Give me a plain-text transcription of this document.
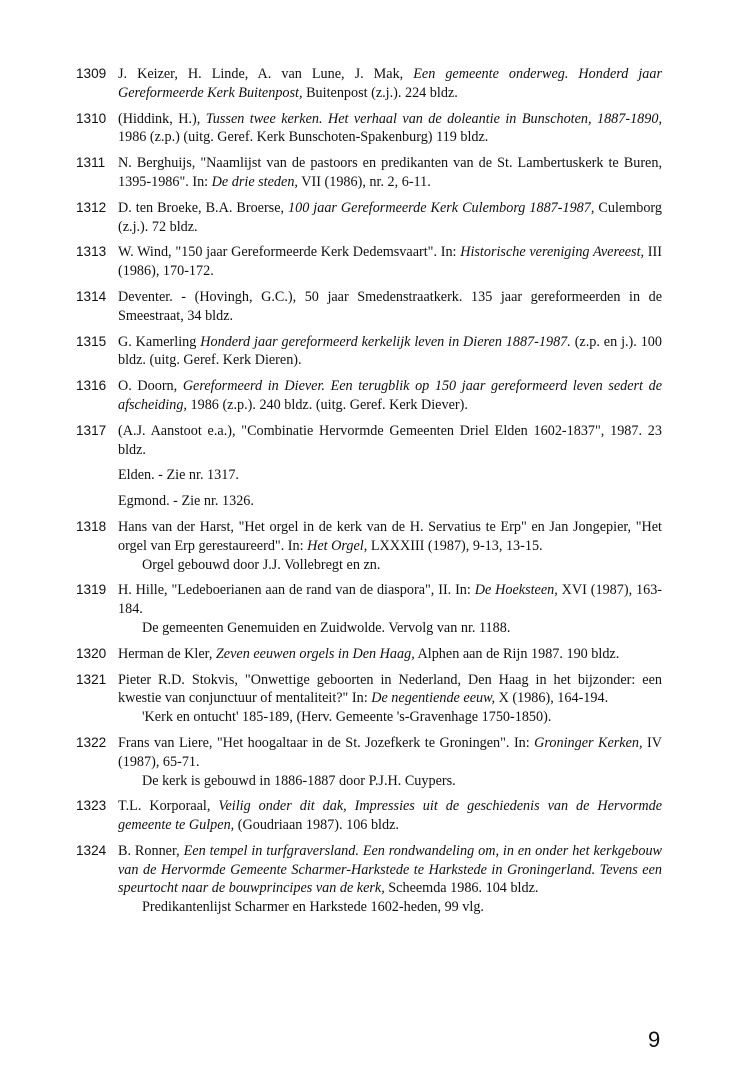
1309 J. Keizer, H. Linde, A. van Lune, J. Mak, Een gemeente onderweg. Honderd jaar Gereformeerde Kerk Buitenpost, Buitenpost (z.j.). 224 bldz.
1310 (Hiddink, H.), Tussen twee kerken. Het verhaal van de doleantie in Bunschoten, 1887-1890, 1986 (z.p.) (uitg. Geref. Kerk Bunschoten-Spakenburg) 119 bldz.
1311 N. Berghuijs, "Naamlijst van de pastoors en predikanten van de St. Lambertuskerk te Buren, 1395-1986". In: De drie steden, VII (1986), nr. 2, 6-11.
1312 D. ten Broeke, B.A. Broerse, 100 jaar Gereformeerde Kerk Culemborg 1887-1987, Culemborg (z.j.). 72 bldz.
1313 W. Wind, "150 jaar Gereformeerde Kerk Dedemsvaart". In: Historische vereniging Avereest, III (1986), 170-172.
1314 Deventer. - (Hovingh, G.C.), 50 jaar Smedenstraatkerk. 135 jaar gereformeerden in de Smeestraat, 34 bldz.
1315 G. Kamerling Honderd jaar gereformeerd kerkelijk leven in Dieren 1887-1987. (z.p. en j.). 100 bldz. (uitg. Geref. Kerk Dieren).
1316 O. Doorn, Gereformeerd in Diever. Een terugblik op 150 jaar gereformeerd leven sedert de afscheiding, 1986 (z.p.). 240 bldz. (uitg. Geref. Kerk Diever).
1317 (A.J. Aanstoot e.a.), "Combinatie Hervormde Gemeenten Driel Elden 1602-1837", 1987. 23 bldz.
Elden. - Zie nr. 1317.
Egmond. - Zie nr. 1326.
1318 Hans van der Harst, "Het orgel in de kerk van de H. Servatius te Erp" en Jan Jongepier, "Het orgel van Erp gerestaureerd". In: Het Orgel, LXXXIII (1987), 9-13, 13-15.
Orgel gebouwd door J.J. Vollebregt en zn.
1319 H. Hille, "Ledeboerianen aan de rand van de diaspora", II. In: De Hoeksteen, XVI (1987), 163-184.
De gemeenten Genemuiden en Zuidwolde. Vervolg van nr. 1188.
1320 Herman de Kler, Zeven eeuwen orgels in Den Haag, Alphen aan de Rijn 1987. 190 bldz.
1321 Pieter R.D. Stokvis, "Onwettige geboorten in Nederland, Den Haag in het bijzonder: een kwestie van conjunctuur of mentaliteit?" In: De negentiende eeuw, X (1986), 164-194.
'Kerk en ontucht' 185-189, (Herv. Gemeente 's-Gravenhage 1750-1850).
1322 Frans van Liere, "Het hoogaltaar in de St. Jozefkerk te Groningen". In: Groninger Kerken, IV (1987), 65-71.
De kerk is gebouwd in 1886-1887 door P.J.H. Cuypers.
1323 T.L. Korporaal, Veilig onder dit dak, Impressies uit de geschiedenis van de Hervormde gemeente te Gulpen, (Goudriaan 1987). 106 bldz.
1324 B. Ronner, Een tempel in turfgraversland. Een rondwandeling om, in en onder het kerkgebouw van de Hervormde Gemeente Scharmer-Harkstede te Harkstede in Groningerland. Tevens een speurtocht naar de bouwprincipes van de kerk, Scheemda 1986. 104 bldz.
Predikantenlijst Scharmer en Harkstede 1602-heden, 99 vlg.
9
